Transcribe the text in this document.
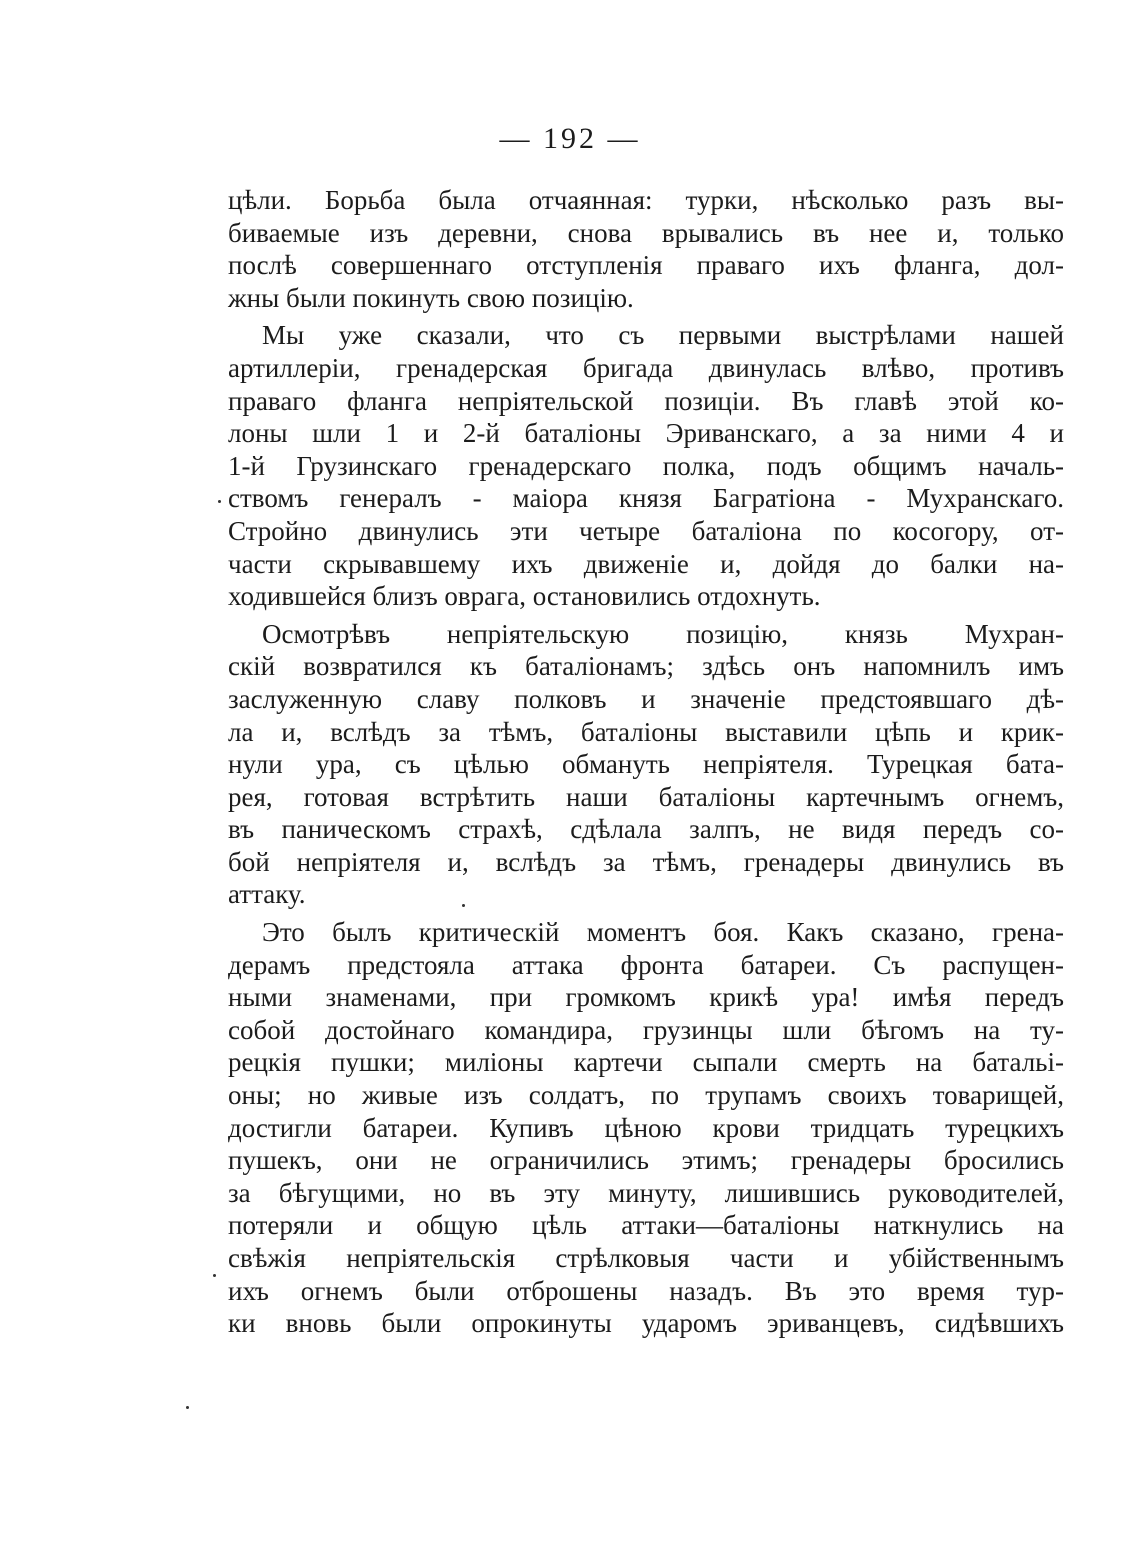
— 192 —
цѣли. Борьба была отчаянная: турки, нѣсколько разъ вы-
биваемые изъ деревни, снова врывались въ нее и, только
послѣ совершеннаго отступленія праваго ихъ фланга, дол-
жны были покинуть свою позицію.
Мы уже сказали, что съ первыми выстрѣлами нашей
артиллеріи, гренадерская бригада двинулась влѣво, противъ
праваго фланга непріятельской позиціи. Въ главѣ этой ко-
лоны шли 1 и 2-й баталіоны Эриванскаго, а за ними 4 и
1-й Грузинскаго гренадерскаго полка, подъ общимъ началь-
ствомъ генералъ - маіора князя Багратіона - Мухранскаго.
Стройно двинулись эти четыре баталіона по косогору, от-
части скрывавшему ихъ движеніе и, дойдя до балки на-
ходившейся близъ оврага, остановились отдохнуть.
Осмотрѣвъ непріятельскую позицію, князь Мухран-
скій возвратился къ баталіонамъ; здѣсь онъ напомнилъ имъ
заслуженную славу полковъ и значеніе предстоявшаго дѣ-
ла и, вслѣдъ за тѣмъ, баталіоны выставили цѣпь и крик-
нули ура, съ цѣлью обмануть непріятеля. Турецкая бата-
рея, готовая встрѣтить наши баталіоны картечнымъ огнемъ,
въ паническомъ страхѣ, сдѣлала залпъ, не видя передъ со-
бой непріятеля и, вслѣдъ за тѣмъ, гренадеры двинулись въ
аттаку.
Это былъ критическій моментъ боя. Какъ сказано, грена-
дерамъ предстояла аттака фронта батареи. Съ распущен-
ными знаменами, при громкомъ крикѣ ура! имѣя передъ
собой достойнаго командира, грузинцы шли бѣгомъ на ту-
рецкія пушки; миліоны картечи сыпали смерть на батальі-
оны; но живые изъ солдатъ, по трупамъ своихъ товарищей,
достигли батареи. Купивъ цѣною крови тридцать турецкихъ
пушекъ, они не ограничились этимъ; гренадеры бросились
за бѣгущими, но въ эту минуту, лишившись руководителей,
потеряли и общую цѣль аттаки—баталіоны наткнулись на
свѣжія непріятельскія стрѣлковыя части и убійственнымъ
ихъ огнемъ были отброшены назадъ. Въ это время тур-
ки вновь были опрокинуты ударомъ эриванцевъ, сидѣвшихъ
